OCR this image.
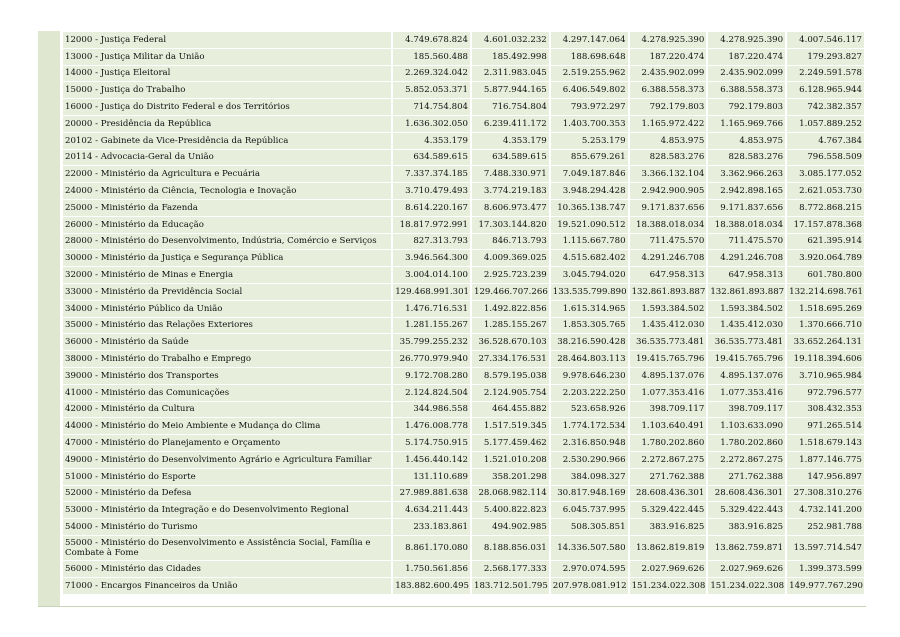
12000 - Justiça Federal	4.749.678.824	4.601.032.232	4.297.147.064	4.278.925.390	4.278.925.390	4.007.546.117
13000 - Justiça Militar da União	185.560.488	185.492.998	188.698.648	187.220.474	187.220.474	179.293.827
14000 - Justiça Eleitoral	2.269.324.042	2.311.983.045	2.519.255.962	2.435.902.099	2.435.902.099	2.249.591.578
15000 - Justiça do Trabalho	5.852.053.371	5.877.944.165	6.406.549.802	6.388.558.373	6.388.558.373	6.128.965.944
16000 - Justiça do Distrito Federal e dos Territórios	714.754.804	716.754.804	793.972.297	792.179.803	792.179.803	742.382.357
20000 - Presidência da República	1.636.302.050	6.239.411.172	1.403.700.353	1.165.972.422	1.165.969.766	1.057.889.252
20102 - Gabinete da Vice-Presidência da República	4.353.179	4.353.179	5.253.179	4.853.975	4.853.975	4.767.384
20114 - Advocacia-Geral da União	634.589.615	634.589.615	855.679.261	828.583.276	828.583.276	796.558.509
22000 - Ministério da Agricultura e Pecuária	7.337.374.185	7.488.330.971	7.049.187.846	3.366.132.104	3.362.966.263	3.085.177.052
24000 - Ministério da Ciência, Tecnologia e Inovação	3.710.479.493	3.774.219.183	3.948.294.428	2.942.900.905	2.942.898.165	2.621.053.730
25000 - Ministério da Fazenda	8.614.220.167	8.606.973.477	10.365.138.747	9.171.837.656	9.171.837.656	8.772.868.215
26000 - Ministério da Educação	18.817.972.991	17.303.144.820	19.521.090.512	18.388.018.034	18.388.018.034	17.157.878.368
28000 - Ministério do Desenvolvimento, Indústria, Comércio e Serviços	827.313.793	846.713.793	1.115.667.780	711.475.570	711.475.570	621.395.914
30000 - Ministério da Justiça e Segurança Pública	3.946.564.300	4.009.369.025	4.515.682.402	4.291.246.708	4.291.246.708	3.920.064.789
32000 - Ministério de Minas e Energia	3.004.014.100	2.925.723.239	3.045.794.020	647.958.313	647.958.313	601.780.800
33000 - Ministério da Previdência Social	129.468.991.301	129.466.707.266	133.535.799.890	132.861.893.887	132.861.893.887	132.214.698.761
34000 - Ministério Público da União	1.476.716.531	1.492.822.856	1.615.314.965	1.593.384.502	1.593.384.502	1.518.695.269
35000 - Ministério das Relações Exteriores	1.281.155.267	1.285.155.267	1.853.305.765	1.435.412.030	1.435.412.030	1.370.666.710
36000 - Ministério da Saúde	35.799.255.232	36.528.670.103	38.216.590.428	36.535.773.481	36.535.773.481	33.652.264.131
38000 - Ministério do Trabalho e Emprego	26.770.979.940	27.334.176.531	28.464.803.113	19.415.765.796	19.415.765.796	19.118.394.606
39000 - Ministério dos Transportes	9.172.708.280	8.579.195.038	9.978.646.230	4.895.137.076	4.895.137.076	3.710.965.984
41000 - Ministério das Comunicações	2.124.824.504	2.124.905.754	2.203.222.250	1.077.353.416	1.077.353.416	972.796.577
42000 - Ministério da Cultura	344.986.558	464.455.882	523.658.926	398.709.117	398.709.117	308.432.353
44000 - Ministério do Meio Ambiente e Mudança do Clima	1.476.008.778	1.517.519.345	1.774.172.534	1.103.640.491	1.103.633.090	971.265.514
47000 - Ministério do Planejamento e Orçamento	5.174.750.915	5.177.459.462	2.316.850.948	1.780.202.860	1.780.202.860	1.518.679.143
49000 - Ministério do Desenvolvimento Agrário e Agricultura Familiar	1.456.440.142	1.521.010.208	2.530.290.966	2.272.867.275	2.272.867.275	1.877.146.775
51000 - Ministério do Esporte	131.110.689	358.201.298	384.098.327	271.762.388	271.762.388	147.956.897
52000 - Ministério da Defesa	27.989.881.638	28.068.982.114	30.817.948.169	28.608.436.301	28.608.436.301	27.308.310.276
53000 - Ministério da Integração e do Desenvolvimento Regional	4.634.211.443	5.400.822.823	6.045.737.995	5.329.422.445	5.329.422.443	4.732.141.200
54000 - Ministério do Turismo	233.183.861	494.902.985	508.305.851	383.916.825	383.916.825	252.981.788
55000 - Ministério do Desenvolvimento e Assistência Social, Família e Combate à Fome	8.861.170.080	8.188.856.031	14.336.507.580	13.862.819.819	13.862.759.871	13.597.714.547
56000 - Ministério das Cidades	1.750.561.856	2.568.177.333	2.970.074.595	2.027.969.626	2.027.969.626	1.399.373.599
71000 - Encargos Financeiros da União	183.882.600.495	183.712.501.795	207.978.081.912	151.234.022.308	151.234.022.308	149.977.767.290
